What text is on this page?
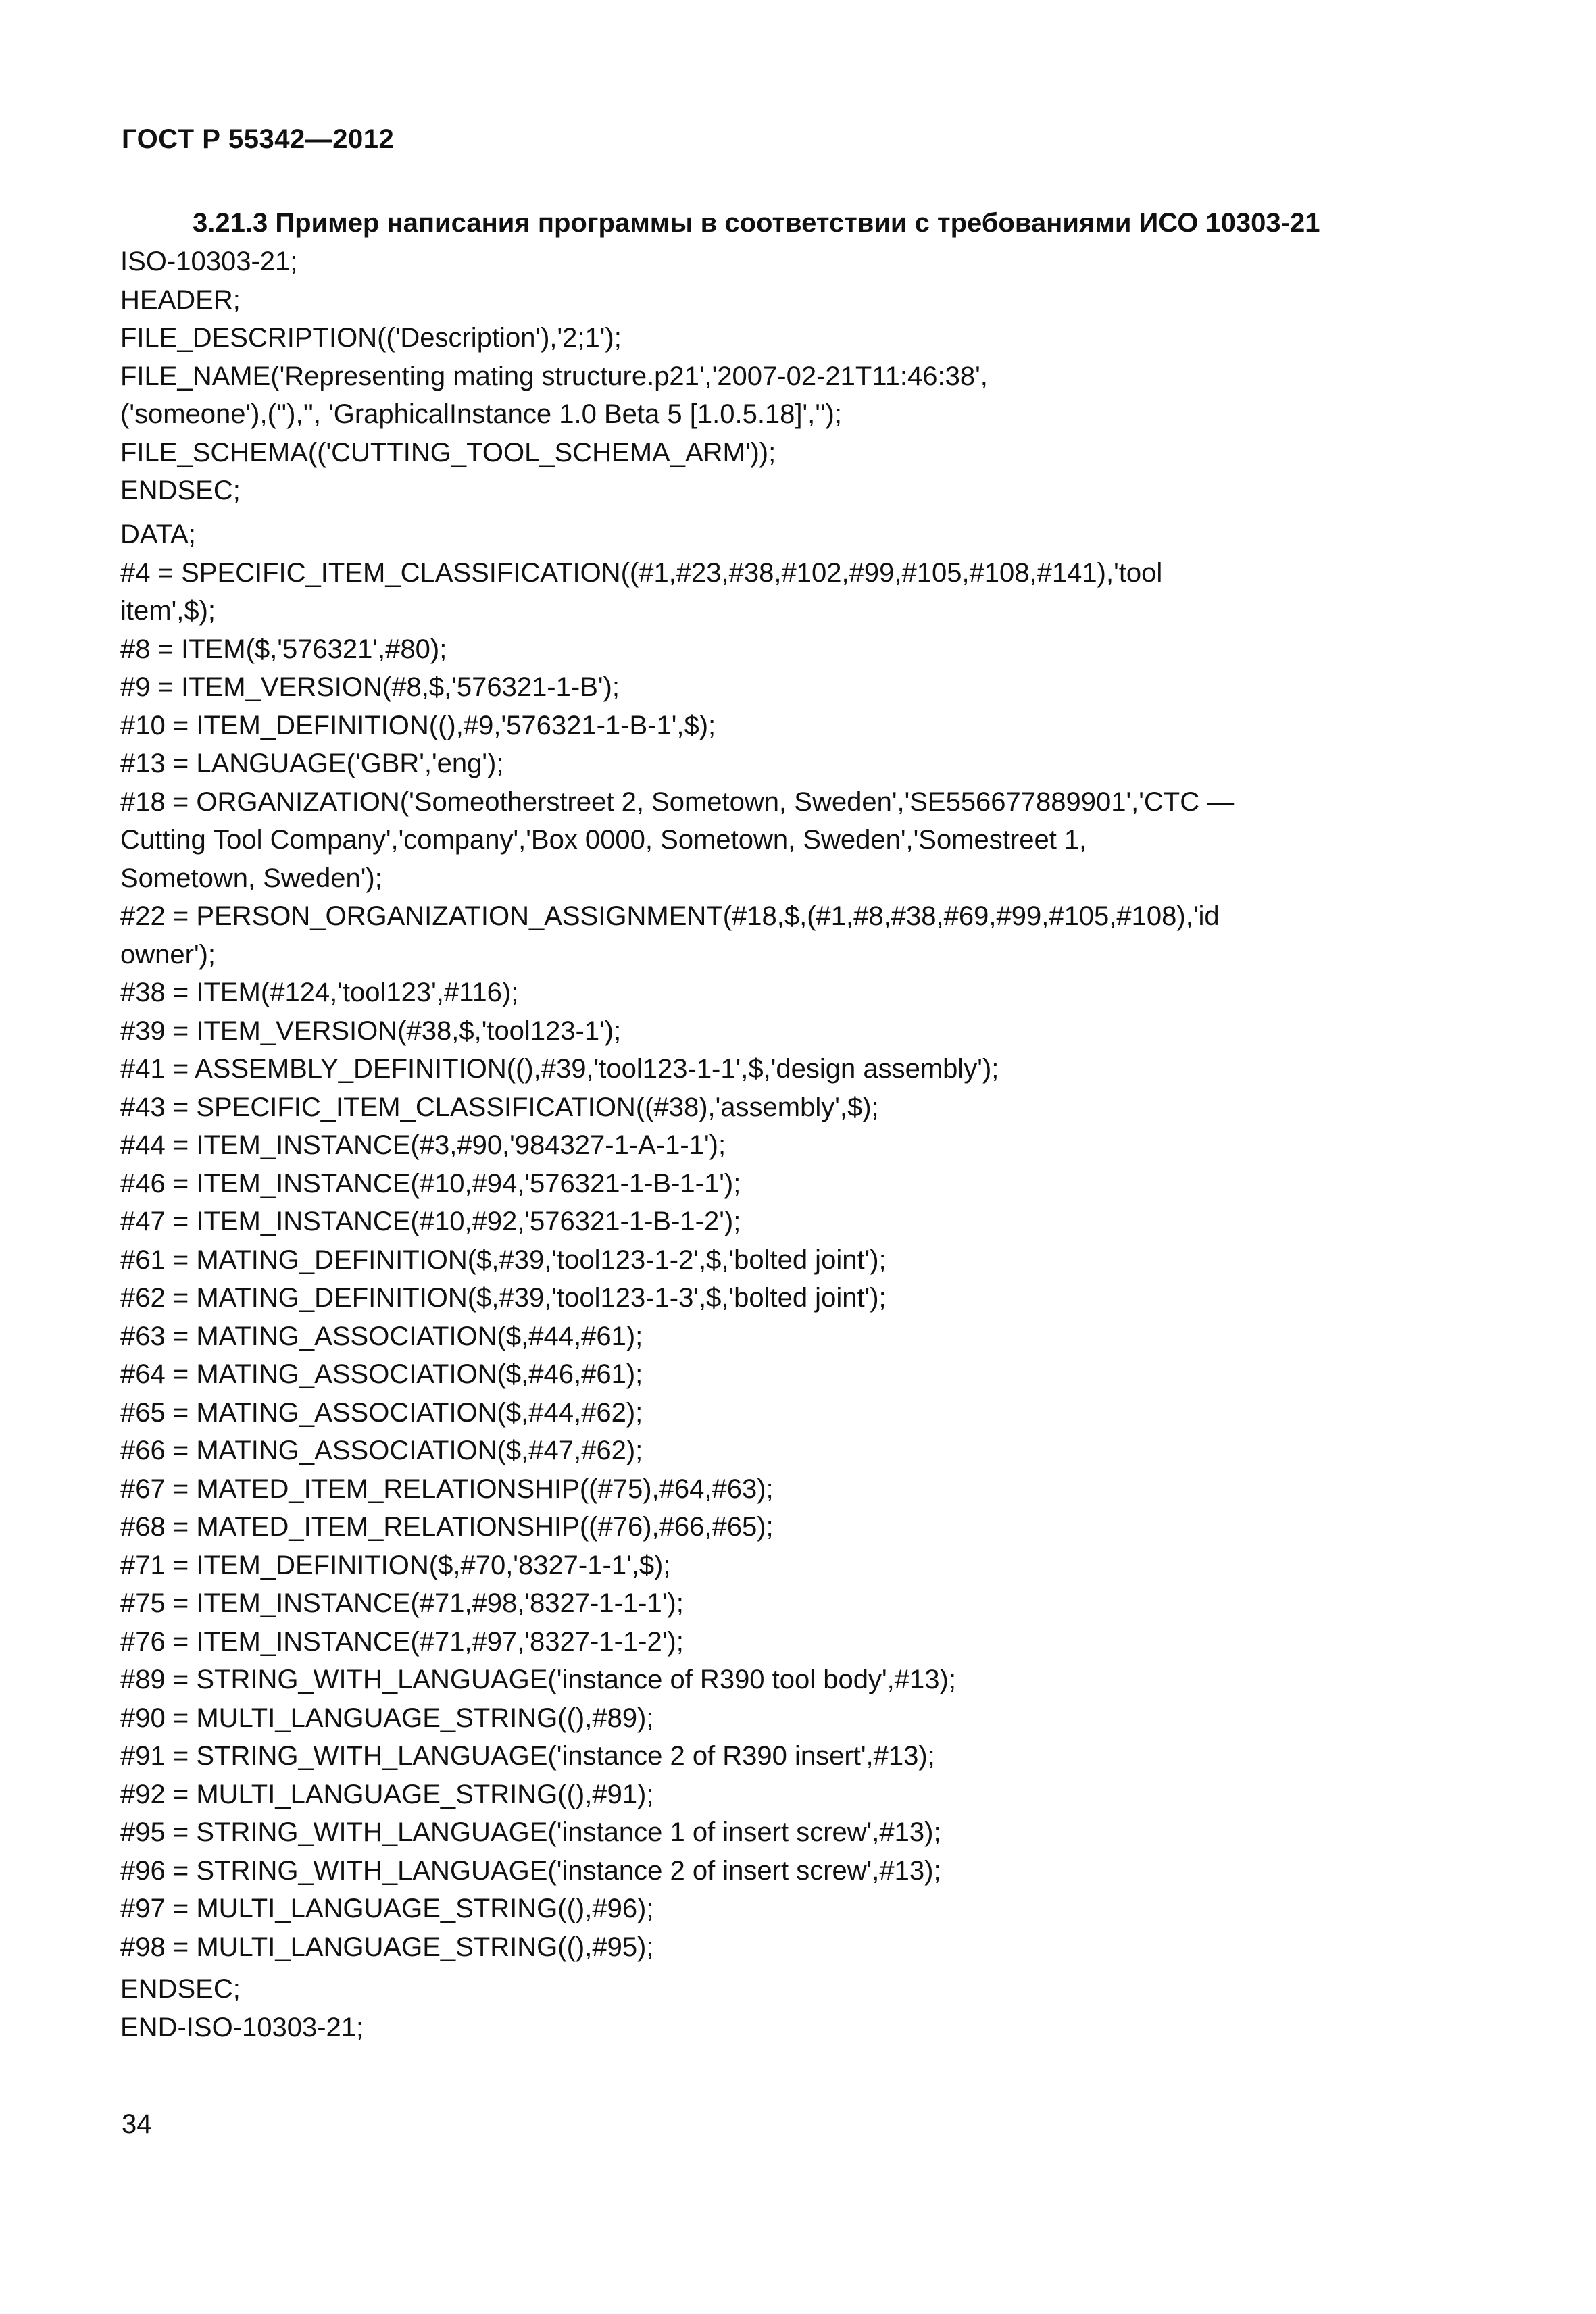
ГОСТ Р 55342—2012
3.21.3 Пример написания программы в соответствии с требованиями ИСО 10303-21
ISO-10303-21;
HEADER;
FILE_DESCRIPTION(('Description'),'2;1');
FILE_NAME('Representing mating structure.p21','2007-02-21T11:46:38',
('someone'),(''),'', 'GraphicalInstance 1.0 Beta 5 [1.0.5.18]','');
FILE_SCHEMA(('CUTTING_TOOL_SCHEMA_ARM'));
ENDSEC;
DATA;
#4 = SPECIFIC_ITEM_CLASSIFICATION((#1,#23,#38,#102,#99,#105,#108,#141),'tool
item',$);
#8 = ITEM($,'576321',#80);
#9 = ITEM_VERSION(#8,$,'576321-1-B');
#10 = ITEM_DEFINITION((),#9,'576321-1-B-1',$);
#13 = LANGUAGE('GBR','eng');
#18 = ORGANIZATION('Someotherstreet 2, Sometown, Sweden','SE556677889901','CTC —
Cutting Tool Company','company','Box 0000, Sometown, Sweden','Somestreet 1,
Sometown, Sweden');
#22 = PERSON_ORGANIZATION_ASSIGNMENT(#18,$,(#1,#8,#38,#69,#99,#105,#108),'id
owner');
#38 = ITEM(#124,'tool123',#116);
#39 = ITEM_VERSION(#38,$,'tool123-1');
#41 = ASSEMBLY_DEFINITION((),#39,'tool123-1-1',$,'design assembly');
#43 = SPECIFIC_ITEM_CLASSIFICATION((#38),'assembly',$);
#44 = ITEM_INSTANCE(#3,#90,'984327-1-A-1-1');
#46 = ITEM_INSTANCE(#10,#94,'576321-1-B-1-1');
#47 = ITEM_INSTANCE(#10,#92,'576321-1-B-1-2');
#61 = MATING_DEFINITION($,#39,'tool123-1-2',$,'bolted joint');
#62 = MATING_DEFINITION($,#39,'tool123-1-3',$,'bolted joint');
#63 = MATING_ASSOCIATION($,#44,#61);
#64 = MATING_ASSOCIATION($,#46,#61);
#65 = MATING_ASSOCIATION($,#44,#62);
#66 = MATING_ASSOCIATION($,#47,#62);
#67 = MATED_ITEM_RELATIONSHIP((#75),#64,#63);
#68 = MATED_ITEM_RELATIONSHIP((#76),#66,#65);
#71 = ITEM_DEFINITION($,#70,'8327-1-1',$);
#75 = ITEM_INSTANCE(#71,#98,'8327-1-1-1');
#76 = ITEM_INSTANCE(#71,#97,'8327-1-1-2');
#89 = STRING_WITH_LANGUAGE('instance of R390 tool body',#13);
#90 = MULTI_LANGUAGE_STRING((),#89);
#91 = STRING_WITH_LANGUAGE('instance 2 of R390 insert',#13);
#92 = MULTI_LANGUAGE_STRING((),#91);
#95 = STRING_WITH_LANGUAGE('instance 1 of insert screw',#13);
#96 = STRING_WITH_LANGUAGE('instance 2 of insert screw',#13);
#97 = MULTI_LANGUAGE_STRING((),#96);
#98 = MULTI_LANGUAGE_STRING((),#95);
ENDSEC;
END-ISO-10303-21;
34
